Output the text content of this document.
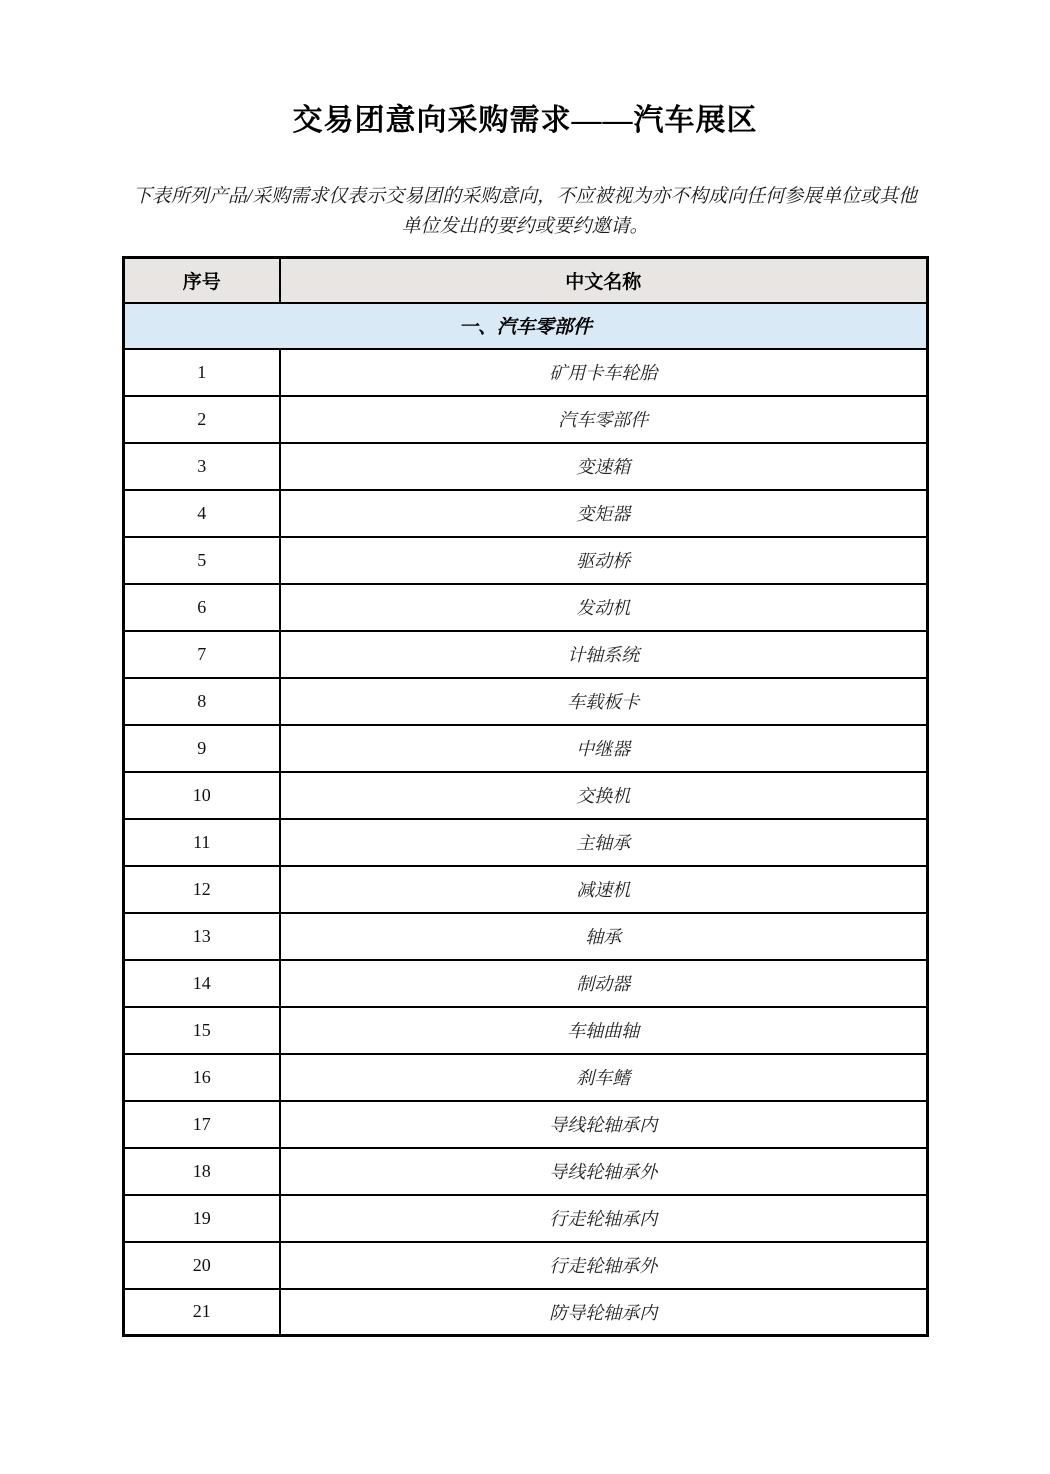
交易团意向采购需求——汽车展区

下表所列产品/采购需求仅表示交易团的采购意向，不应被视为亦不构成向任何参展单位或其他
单位发出的要约或要约邀请。

序号	中文名称
一、汽车零部件	
1	矿用卡车轮胎
2	汽车零部件
3	变速箱
4	变矩器
5	驱动桥
6	发动机
7	计轴系统
8	车载板卡
9	中继器
10	交换机
11	主轴承
12	减速机
13	轴承
14	制动器
15	车轴曲轴
16	刹车鳍
17	导线轮轴承内
18	导线轮轴承外
19	行走轮轴承内
20	行走轮轴承外
21	防导轮轴承内
